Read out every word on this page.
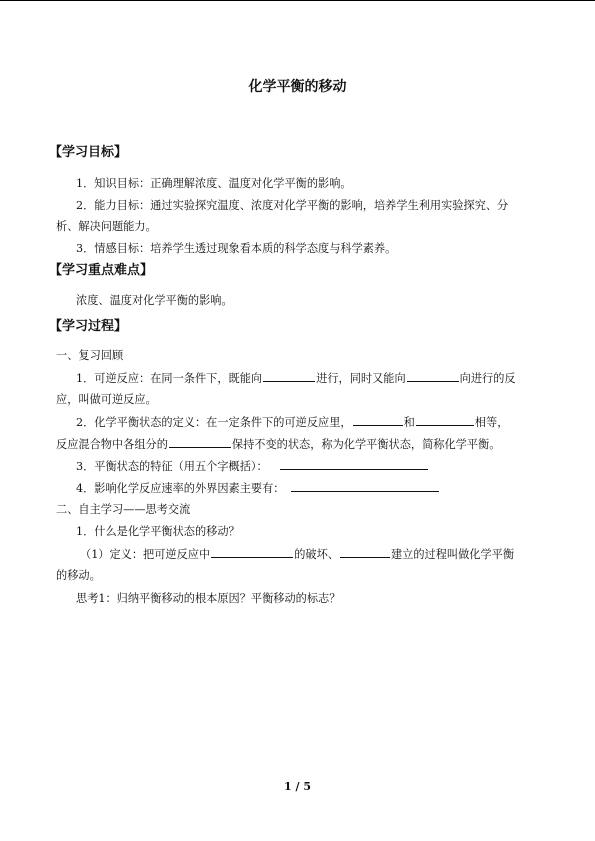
化学平衡的移动
【学习目标】
1．知识目标：正确理解浓度、温度对化学平衡的影响。
2．能力目标：通过实验探究温度、浓度对化学平衡的影响，培养学生利用实验探究、分
析、解决问题能力。
3．情感目标：培养学生透过现象看本质的科学态度与科学素养。
【学习重点难点】
浓度、温度对化学平衡的影响。
【学习过程】
一、复习回顾
1．可逆反应：在同一条件下，既能向	进行，同时又能向	向进行的反
应，叫做可逆反应。
2．化学平衡状态的定义：在一定条件下的可逆反应里，	和	相等，
反应混合物中各组分的	保持不变的状态，称为化学平衡状态，简称化学平衡。
3．平衡状态的特征（用五个字概括）：
4．影响化学反应速率的外界因素主要有：
二、自主学习——思考交流
1．什么是化学平衡状态的移动？
（1）定义：把可逆反应中	的破坏、	建立的过程叫做化学平衡
的移动。
思考1：归纳平衡移动的根本原因？平衡移动的标志？
1 / 5
